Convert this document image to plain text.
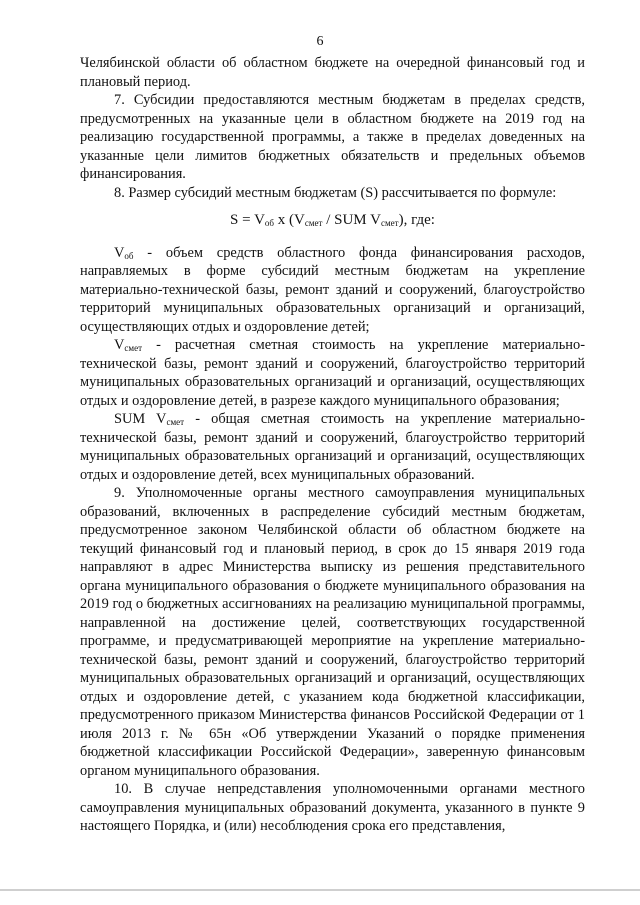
6

Челябинской области об областном бюджете на очередной финансовый год и плановый период.

7. Субсидии предоставляются местным бюджетам в пределах средств, предусмотренных на указанные цели в областном бюджете на 2019 год на реализацию государственной программы, а также в пределах доведенных на указанные цели лимитов бюджетных обязательств и предельных объемов финансирования.

8. Размер субсидий местным бюджетам (S) рассчитывается по формуле:

$S = V_{об}$ х ($V_{смет}$ / SUM $V_{смет}$), где:

$V_{об}$ - объем средств областного фонда финансирования расходов, направляемых в форме субсидий местным бюджетам на укрепление материально-технической базы, ремонт зданий и сооружений, благоустройство территорий муниципальных образовательных организаций и организаций, осуществляющих отдых и оздоровление детей;

$V_{смет}$ - расчетная сметная стоимость на укрепление материально-технической базы, ремонт зданий и сооружений, благоустройство территорий муниципальных образовательных организаций и организаций, осуществляющих отдых и оздоровление детей, в разрезе каждого муниципального образования;

SUM $V_{смет}$ - общая сметная стоимость на укрепление материально-технической базы, ремонт зданий и сооружений, благоустройство территорий муниципальных образовательных организаций и организаций, осуществляющих отдых и оздоровление детей, всех муниципальных образований.

9. Уполномоченные органы местного самоуправления муниципальных образований, включенных в распределение субсидий местным бюджетам, предусмотренное законом Челябинской области об областном бюджете на текущий финансовый год и плановый период, в срок до 15 января 2019 года направляют в адрес Министерства выписку из решения представительного органа муниципального образования о бюджете муниципального образования на 2019 год о бюджетных ассигнованиях на реализацию муниципальной программы, направленной на достижение целей, соответствующих государственной программе, и предусматривающей мероприятие на укрепление материально-технической базы, ремонт зданий и сооружений, благоустройство территорий муниципальных образовательных организаций и организаций, осуществляющих отдых и оздоровление детей, с указанием кода бюджетной классификации, предусмотренного приказом Министерства финансов Российской Федерации от 1 июля 2013 г. № 65н «Об утверждении Указаний о порядке применения бюджетной классификации Российской Федерации», заверенную финансовым органом муниципального образования.

10. В случае непредставления уполномоченными органами местного самоуправления муниципальных образований документа, указанного в пункте 9 настоящего Порядка, и (или) несоблюдения срока его представления,
